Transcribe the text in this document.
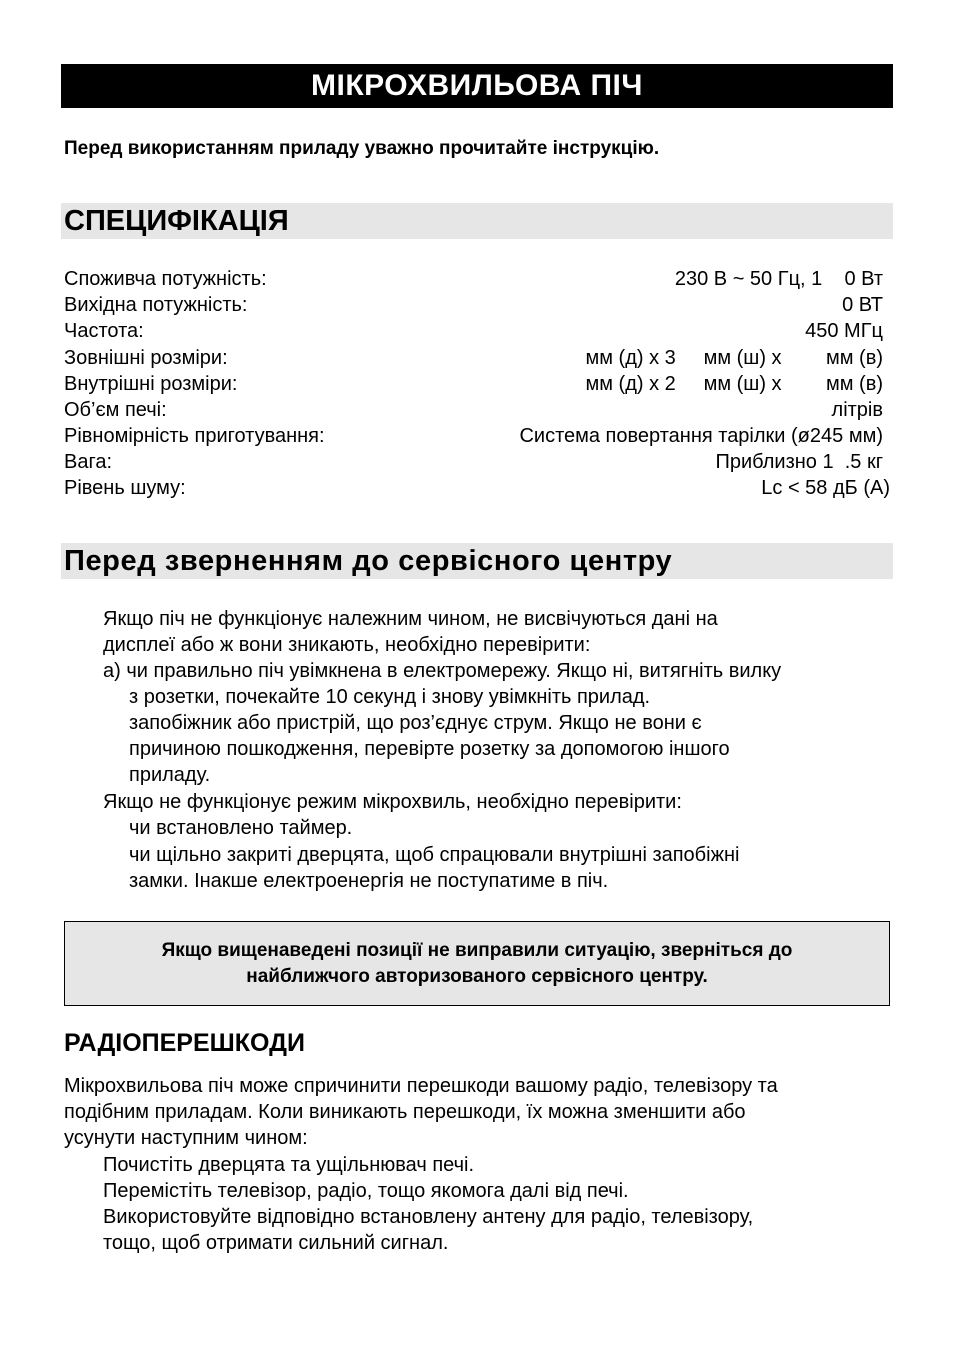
МІКРОХВИЛЬОВА ПІЧ
Перед використанням приладу уважно прочитайте інструкцію.
СПЕЦИФІКАЦІЯ
Споживча потужність:	230 В ~ 50 Гц, 1    0 Вт
Вихідна потужність:	0 ВТ
Частота:	450 МГц
Зовнішні розміри:	мм (д) x 3     мм (ш) x        мм (в)
Внутрішні розміри:	мм (д) x 2     мм (ш) x        мм (в)
Об’єм печі:	літрів
Рівномірність приготування:	Система повертання тарілки (ø245 мм)
Вага:	Приблизно 1  .5 кг
Рівень шуму:	Lc < 58 дБ (А)
Перед зверненням до сервісного центру
Якщо піч не функціонує належним чином, не висвічуються дані на
дисплеї або ж вони зникають, необхідно перевірити:
а) чи правильно піч увімкнена в електромережу. Якщо ні, витягніть вилку
з розетки, почекайте 10 секунд і знову увімкніть прилад.
запобіжник або пристрій, що роз’єднує струм. Якщо не вони є
причиною пошкодження, перевірте розетку за допомогою іншого
приладу.
Якщо не функціонує режим мікрохвиль, необхідно перевірити:
чи встановлено таймер.
чи щільно закриті дверцята, щоб спрацювали внутрішні запобіжні
замки. Інакше електроенергія не поступатиме в піч.
Якщо вищенаведені позиції не виправили ситуацію, зверніться до
найближчого авторизованого сервісного центру.
РАДІОПЕРЕШКОДИ
Мікрохвильова піч може спричинити перешкоди вашому радіо, телевізору та
подібним приладам. Коли виникають перешкоди, їх можна зменшити або
усунути наступним чином:
Почистіть дверцята та ущільнювач печі.
Перемістіть телевізор, радіо, тощо якомога далі від печі.
Використовуйте відповідно встановлену антену для радіо, телевізору,
тощо, щоб отримати сильний сигнал.
